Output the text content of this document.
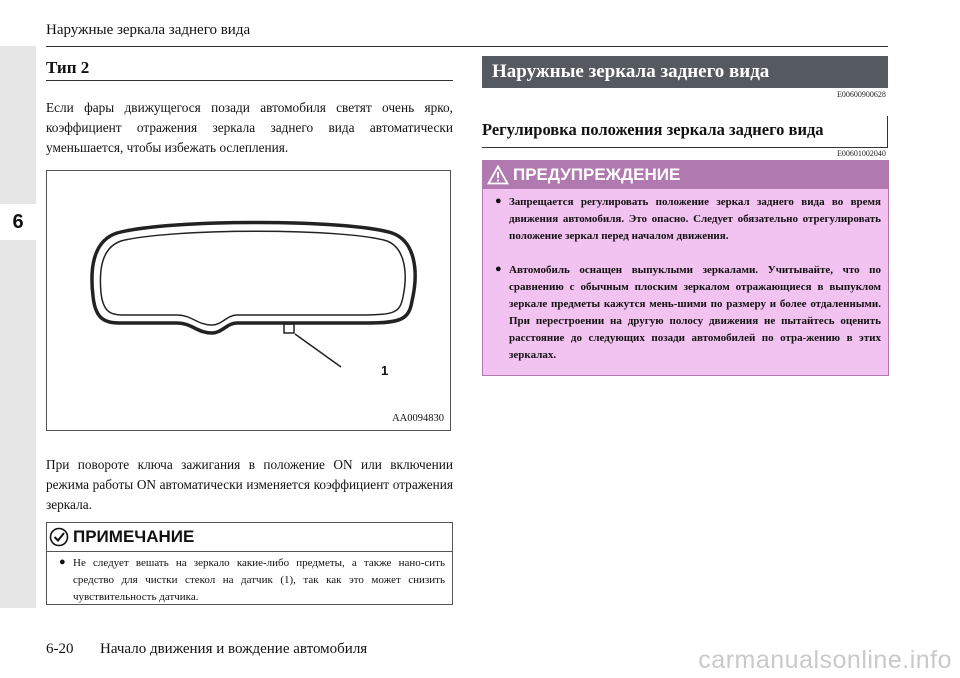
6
Наружные зеркала заднего вида
Тип 2

Если фары движущегося позади автомобиля светят очень ярко, коэффициент отражения зеркала заднего вида автоматически уменьшается, чтобы избежать ослепления.

1
AA0094830

При повороте ключа зажигания в положение ON или включении режима работы ON автоматически изменяется коэффициент отражения зеркала.

ПРИМЕЧАНИЕ
● Не следует вешать на зеркало какие-либо предметы, а также нано-сить средство для чистки стекол на датчик (1), так как это может снизить чувствительность датчика.

Наружные зеркала заднего вида
E00600900628
Регулировка положения зеркала заднего вида
E00601002040
ПРЕДУПРЕЖДЕНИЕ
● Запрещается регулировать положение зеркал заднего вида во время движения автомобиля. Это опасно. Следует обязательно отрегулировать положение зеркал перед началом движения.

● Автомобиль оснащен выпуклыми зеркалами. Учитывайте, что по сравнению с обычным плоским зеркалом отражающиеся в выпуклом зеркале предметы кажутся мень-шими по размеру и более отдаленными. При перестроении на другую полосу движения не пытайтесь оценить расстояние до следующих позади автомобилей по отра-жению в этих зеркалах.

6-20 Начало движения и вождение автомобиля	carmanualsonline.info
